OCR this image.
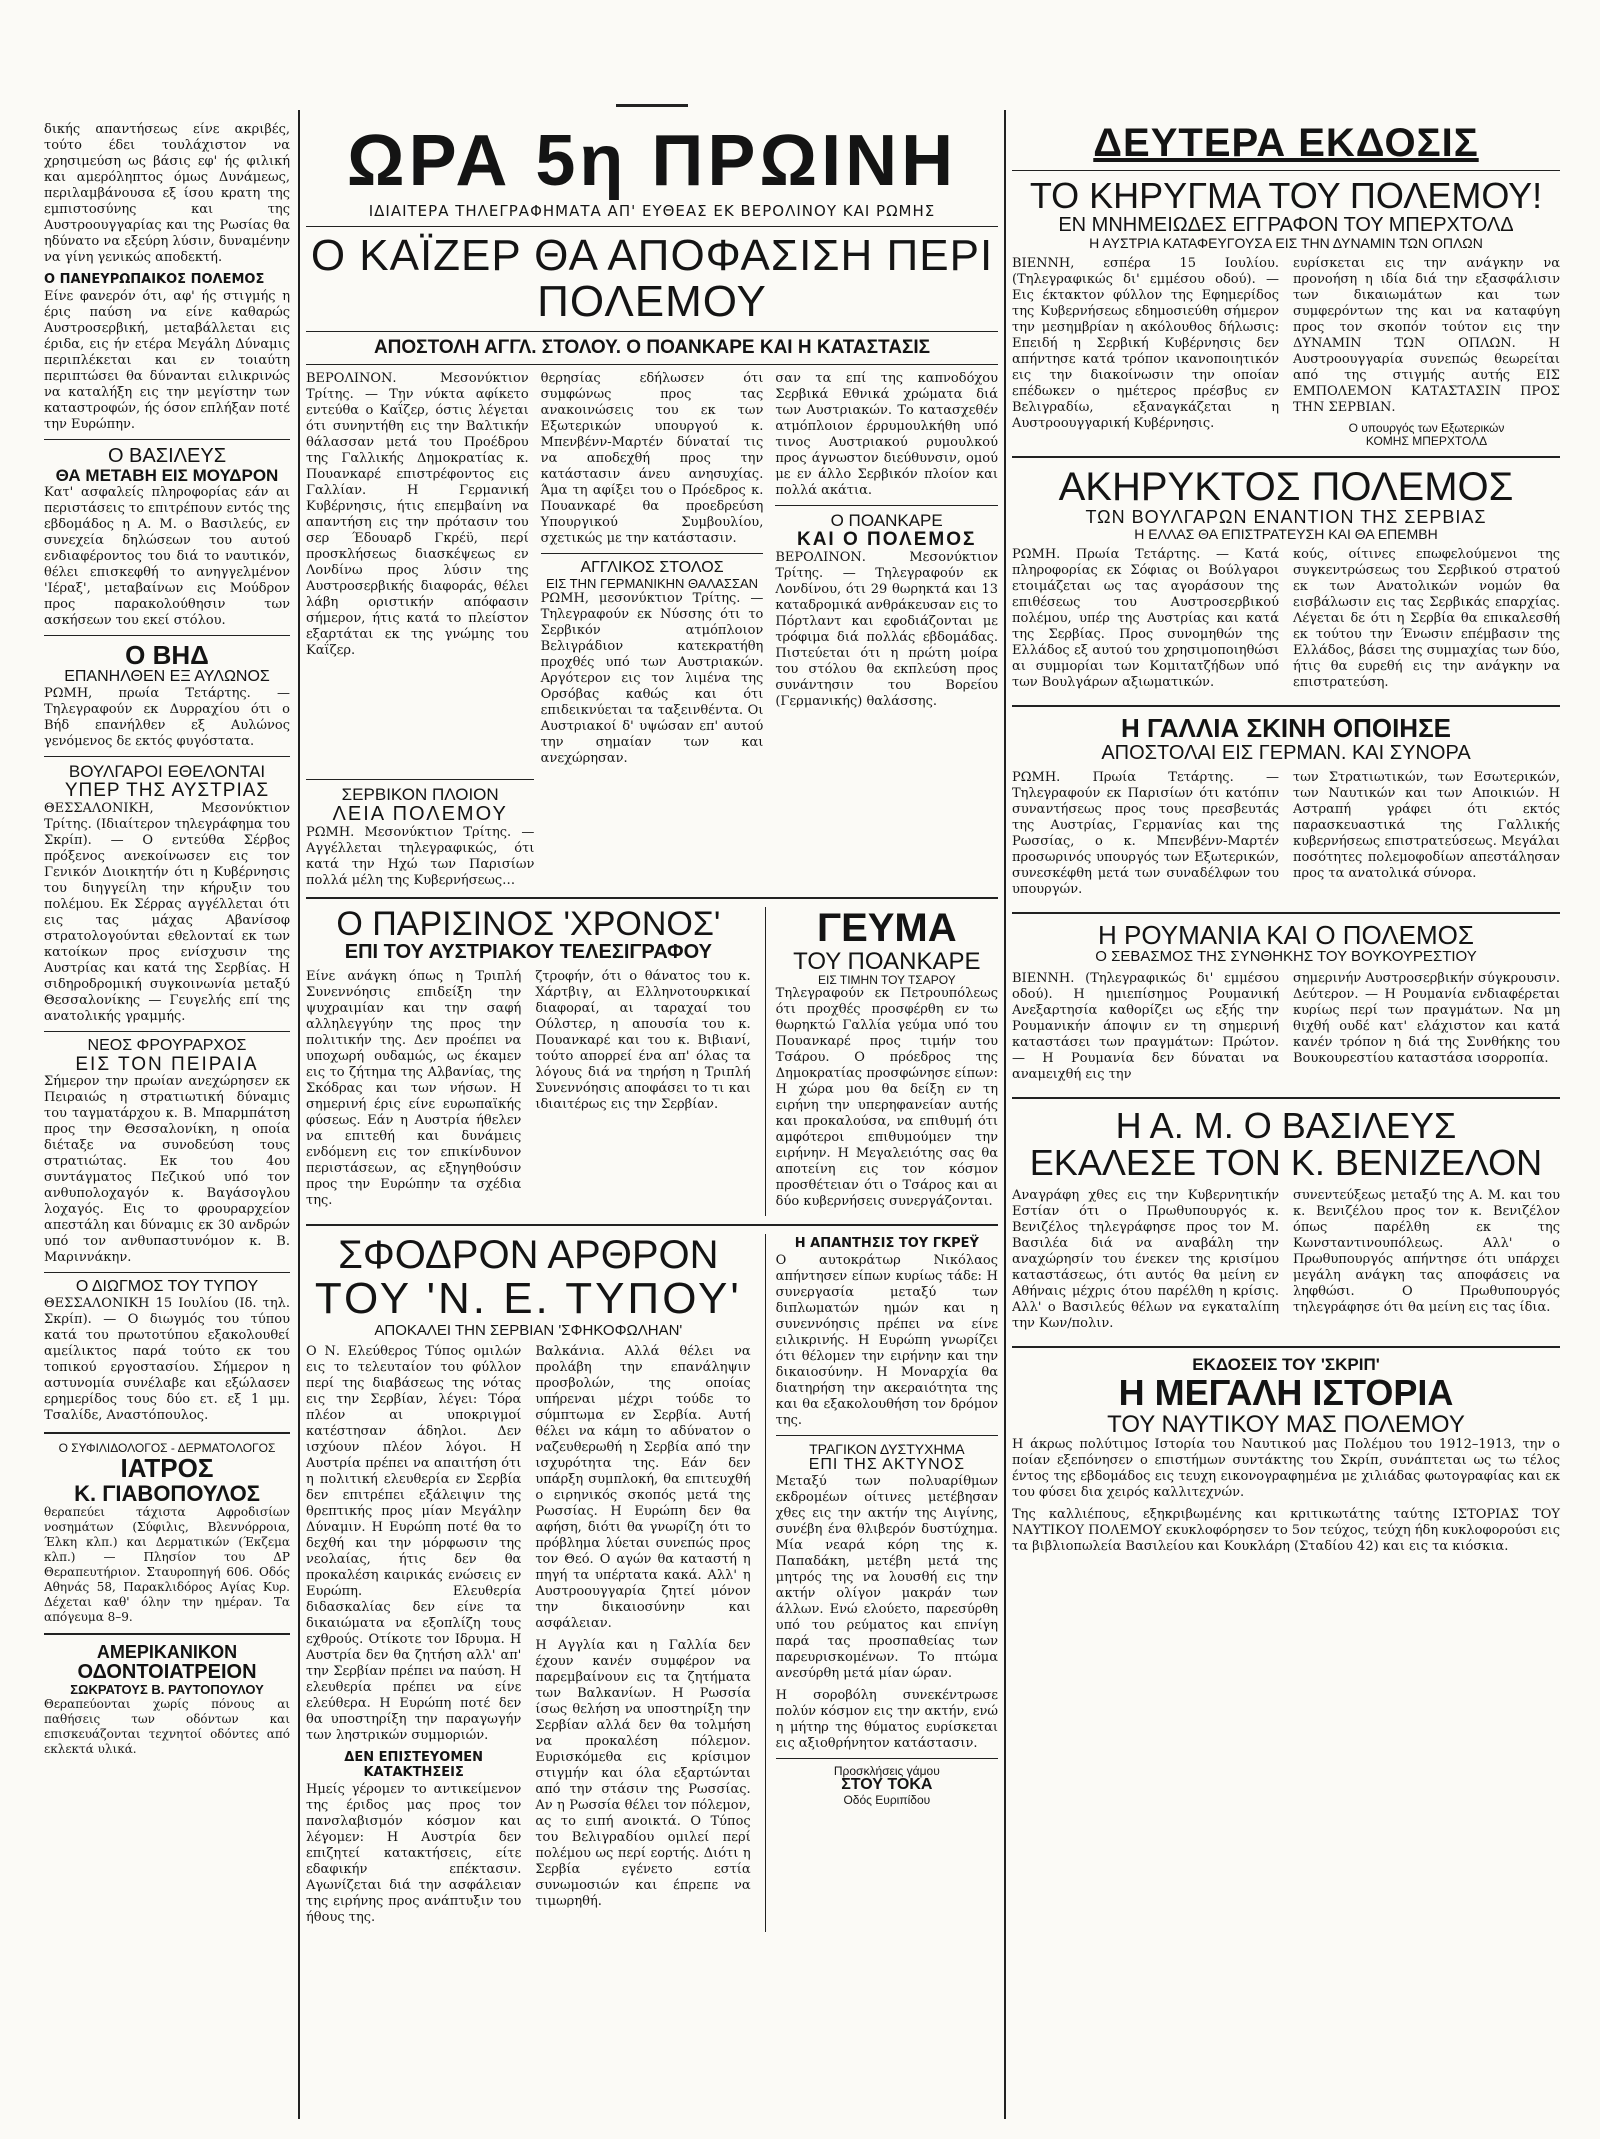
δικής απαντήσεως είνε ακριβές, τούτο έδει τουλάχιστον να χρησιμεύση ως βάσις εφ' ής φιλική και αμερόληπτος όμως Δυνάμεως, περιλαμβάνουσα εξ ίσου κρατη της εμπιστοσύνης και της Αυστροουγγαρίας και της Ρωσίας θα ηδύνατο να εξεύρη λύσιν, δυναμένην να γίνη γενικώς αποδεκτή.

Ο ΠΑΝΕΥΡΩΠΑΙΚΟΣ ΠΟΛΕΜΟΣ

Είνε φανερόν ότι, αφ' ής στιγμής η έρις παύση να είνε καθαρώς Αυστροσερβική, μεταβάλλεται εις έριδα, εις ήν ετέρα Μεγάλη Δύναμις περιπλέκεται και εν τοιαύτη περιπτώσει θα δύνανται ειλικρινώς να καταλήξη εις την μεγίστην των καταστροφών, ής όσον επλήξαν ποτέ την Ευρώπην.

Ο ΒΑΣΙΛΕΥΣ

ΘΑ ΜΕΤΑΒΗ ΕΙΣ ΜΟΥΔΡΟΝ

Κατ' ασφαλείς πληροφορίας εάν αι περιστάσεις το επιτρέπουν εντός της εβδομάδος η Α. Μ. ο Βασιλεύς, εν συνεχεία δηλώσεων του αυτού ενδιαφέροντος του διά το ναυτικόν, θέλει επισκεφθή το ανηγγελμένον 'Ιέραξ', μεταβαίνων εις Μούδρον προς παρακολούθησιν των ασκήσεων του εκεί στόλου.

Ο ΒΗΔ

ΕΠΑΝΗΛΘΕΝ ΕΞ ΑΥΛΩΝΟΣ

ΡΩΜΗ, πρωία Τετάρτης. — Τηλεγραφούν εκ Δυρραχίου ότι ο Βήδ επανήλθεν εξ Αυλώνος γενόμενος δε εκτός φυγόστατα.

ΒΟΥΛΓΑΡΟΙ ΕΘΕΛΟΝΤΑΙ

ΥΠΕΡ ΤΗΣ ΑΥΣΤΡΙΑΣ

ΘΕΣΣΑΛΟΝΙΚΗ, Μεσονύκτιον Τρίτης. (Ιδιαίτερον τηλεγράφημα του Σκρίπ). — Ο εντεύθα Σέρβος πρόξενος ανεκοίνωσεν εις τον Γενικόν Διοικητήν ότι η Κυβέρνησις του διηγγείλη την κήρυξιν του πολέμου. Εκ Σέρρας αγγέλλεται ότι εις τας μάχας Αβανίσοφ στρατολογούνται εθελονταί εκ των κατοίκων προς ενίσχυσιν της Αυστρίας και κατά της Σερβίας. Η σιδηροδρομική συγκοινωνία μεταξύ Θεσσαλονίκης — Γευγελής επί της ανατολικής γραμμής.

ΝΕΟΣ ΦΡΟΥΡΑΡΧΟΣ

ΕΙΣ ΤΟΝ ΠΕΙΡΑΙΑ

Σήμερον την πρωίαν ανεχώρησεν εκ Πειραιώς η στρατιωτική δύναμις του ταγματάρχου κ. Β. Μπαρμπάτση προς την Θεσσαλονίκη, η οποία διέταξε να συνοδεύση τους στρατιώτας. Εκ του 4ου συντάγματος Πεζικού υπό τον ανθυπολοχαγόν κ. Βαγάσογλου λοχαγός. Εις το φρουραρχείον απεστάλη και δύναμις εκ 30 ανδρών υπό τον ανθυπαστυνόμον κ. Β. Μαριννάκην.

Ο ΔΙΩΓΜΟΣ ΤΟΥ ΤΥΠΟΥ

ΘΕΣΣΑΛΟΝΙΚΗ 15 Ιουλίου (Ιδ. τηλ. Σκρίπ). — Ο διωγμός του τύπου κατά του πρωτοτύπου εξακολουθεί αμείλικτος παρά τούτο εκ του τοπικού εργοστασίου. Σήμερον η αστυνομία συνέλαβε και εξώλασεν ερημερίδος τους δύο ετ. εξ 1 μμ. Τσαλίδε, Αναστόπουλος.

Ο ΣΥΦΙΛΙΔΟΛΟΓΟΣ - ΔΕΡΜΑΤΟΛΟΓΟΣ

ΙΑΤΡΟΣ

Κ. ΓΙΑΒΟΠΟΥΛΟΣ

θεραπεύει τάχιστα Αφροδισίων νοσημάτων (Σύφιλις, Βλεννόρροια, Έλκη κλπ.) και Δερματικών (Έκζεμα κλπ.) — Πλησίον του ΔΡ Θεραπευτήριον. Σταυροπηγή 606. Οδός Αθηνάς 58, Παρακλιδόρος Αγίας Κυρ. Δέχεται καθ' όλην την ημέραν. Τα απόγευμα 8–9.

ΑΜΕΡΙΚΑΝΙΚΟΝ

ΟΔΟΝΤΟΙΑΤΡΕΙΟΝ

ΣΩΚΡΑΤΟΥΣ Β. ΡΑΥΤΟΠΟΥΛΟΥ

Θεραπεύονται χωρίς πόνους αι παθήσεις των οδόντων και επισκευάζονται τεχνητοί οδόντες από εκλεκτά υλικά.

ΩΡΑ 5η ΠΡΩΙΝΗ

ΙΔΙΑΙΤΕΡΑ ΤΗΛΕΓΡΑΦΗΜΑΤΑ ΑΠ' ΕΥΘΕΑΣ ΕΚ ΒΕΡΟΛΙΝΟΥ ΚΑΙ ΡΩΜΗΣ

Ο ΚΑΪΖΕΡ ΘΑ ΑΠΟΦΑΣΙΣΗ ΠΕΡΙ ΠΟΛΕΜΟΥ

ΑΠΟΣΤΟΛΗ ΑΓΓΛ. ΣΤΟΛΟΥ. Ο ΠΟΑΝΚΑΡΕ ΚΑΙ Η ΚΑΤΑΣΤΑΣΙΣ

ΒΕΡΟΛΙΝΟΝ. Μεσονύκτιον Τρίτης. — Την νύκτα αφίκετο εντεύθα ο Καΐζερ, όστις λέγεται ότι συνηντήθη εις την Βαλτικήν θάλασσαν μετά του Προέδρου της Γαλλικής Δημοκρατίας κ. Πουανκαρέ επιστρέφοντος εις Γαλλίαν. Η Γερμανική Κυβέρνησις, ήτις επεμβαίνη να απαντήση εις την πρότασιν του σερ Έδουαρδ Γκρέϋ, περί προσκλήσεως διασκέψεως εν Λονδίνω προς λύσιν της Αυστροσερβικής διαφοράς, θέλει λάβη οριστικήν απόφασιν σήμερον, ήτις κατά το πλείστον εξαρτάται εκ της γνώμης του Καΐζερ.

θερησίας εδήλωσεν ότι συμφώνως προς τας ανακοινώσεις του εκ των Εξωτερικών υπουργού κ. Μπενβένν-Μαρτέν δύναταί τις να αποδεχθή προς την κατάστασιν άνευ ανησυχίας. Άμα τη αφίξει του ο Πρόεδρος κ. Πουανκαρέ θα προεδρεύση Υπουργικού Συμβουλίου, σχετικώς με την κατάστασιν.

ΑΓΓΛΙΚΟΣ ΣΤΟΛΟΣ

ΕΙΣ ΤΗΝ ΓΕΡΜΑΝΙΚΗΝ ΘΑΛΑΣΣΑΝ

ΡΩΜΗ, μεσονύκτιον Τρίτης. — Τηλεγραφούν εκ Νύσσης ότι το Σερβικόν ατμόπλοιον Βελιγράδιον κατεκρατήθη προχθές υπό των Αυστριακών. Αργότερον εις τον λιμένα της Ορσόβας καθώς και ότι επιδεικνύεται τα ταξεινθέντα. Οι Αυστριακοί δ' υψώσαν επ' αυτού την σημαίαν των και ανεχώρησαν.

σαν τα επί της καπνοδόχου Σερβικά Εθνικά χρώματα διά των Αυστριακών. Το κατασχεθέν ατμόπλοιον έρρυμουλκήθη υπό τινος Αυστριακού ρυμουλκού προς άγνωστον διεύθυνσιν, ομού με εν άλλο Σερβικόν πλοίον και πολλά ακάτια.

Ο ΠΟΑΝΚΑΡΕ

ΚΑΙ Ο ΠΟΛΕΜΟΣ

ΒΕΡΟΛΙΝΟΝ. Μεσονύκτιον Τρίτης. — Τηλεγραφούν εκ Λονδίνου, ότι 29 θωρηκτά και 13 καταδρομικά ανθράκευσαν εις το Πόρτλαντ και εφοδιάζονται με τρόφιμα διά πολλάς εβδομάδας. Πιστεύεται ότι η πρώτη μοίρα του στόλου θα εκπλεύση προς συνάντησιν του Βορείου (Γερμανικής) θαλάσσης.

ΣΕΡΒΙΚΟΝ ΠΛΟΙΟΝ

ΛΕΙΑ ΠΟΛΕΜΟΥ

ΡΩΜΗ. Μεσονύκτιον Τρίτης. — Αγγέλλεται τηλεγραφικώς, ότι κατά την Ηχώ των Παρισίων πολλά μέλη της Κυβερνήσεως…

Ο ΠΑΡΙΣΙΝΟΣ 'ΧΡΟΝΟΣ'

ΕΠΙ ΤΟΥ ΑΥΣΤΡΙΑΚΟΥ ΤΕΛΕΣΙΓΡΑΦΟΥ

Είνε ανάγκη όπως η Τριπλή Συνεννόησις επιδείξη την ψυχραιμίαν και την σαφή αλληλεγγύην της προς την πολιτικήν της. Δεν προέπει να υποχωρή ουδαμώς, ως έκαμεν εις το ζήτημα της Αλβανίας, της Σκόδρας και των νήσων. Η σημερινή έρις είνε ευρωπαϊκής φύσεως. Εάν η Αυστρία ήθελεν να επιτεθή και δυνάμεις ενδόμενη εις τον επικίνδυνον περιστάσεων, ας εξηγηθούσιν προς την Ευρώπην τα σχέδια της.

ζτροφήν, ότι ο θάνατος του κ. Χάρτβιγ, αι Ελληνοτουρκικαί διαφοραί, αι ταραχαί του Ούλστερ, η απουσία του κ. Πουανκαρέ και του κ. Βιβιανί, τούτο απορρεί ένα απ' όλας τα λόγους διά να τηρήση η Τριπλή Συνεννόησις αποφάσει το τι και ιδιαιτέρως εις την Σερβίαν.

ΓΕΥΜΑ

ΤΟΥ ΠΟΑΝΚΑΡΕ

ΕΙΣ ΤΙΜΗΝ ΤΟΥ ΤΣΑΡΟΥ

Τηλεγραφούν εκ Πετρουπόλεως ότι προχθές προσφέρθη εν τω θωρηκτώ Γαλλία γεύμα υπό του Πουανκαρέ προς τιμήν του Τσάρου. Ο πρόεδρος της Δημοκρατίας προσφώνησε είπων: Η χώρα μου θα δείξη εν τη ειρήνη την υπερηφανείαν αυτής και προκαλούσα, να επιθυμή ότι αμφότεροι επιθυμούμεν την ειρήνην. Η Μεγαλειότης σας θα αποτείνη εις τον κόσμον προσθέτειαν ότι ο Τσάρος και αι δύο κυβερνήσεις συνεργάζονται.

ΣΦΟΔΡΟΝ ΑΡΘΡΟΝ

ΤΟΥ 'Ν. Ε. ΤΥΠΟΥ'

ΑΠΟΚΑΛΕΙ ΤΗΝ ΣΕΡΒΙΑΝ 'ΣΦΗΚΟΦΩΛΗΑΝ'

Ο Ν. Ελεύθερος Τύπος ομιλών εις το τελευταίον του φύλλον περί της διαβάσεως της νότας εις την Σερβίαν, λέγει: Τόρα πλέον αι υποκριγμοί κατέστησαν άδηλοι. Δεν ισχύουν πλέον λόγοι. Η Αυστρία πρέπει να απαιτήση ότι η πολιτική ελευθερία εν Σερβία δεν επιτρέπει εξάλειψιν της θρεπτικής προς μίαν Μεγάλην Δύναμιν. Η Ευρώπη ποτέ θα το δεχθή και την μόρφωσιν της νεολαίας, ήτις δεν θα προκαλέση καιρικάς ενώσεις εν Ευρώπη. Ελευθερία διδασκαλίας δεν είνε τα δικαιώματα να εξοπλίζη τους εχθρούς. Οτίκοτε τον Ιδρυμα. Η Αυστρία δεν θα ζητήση αλλ' απ' την Σερβίαν πρέπει να παύση. Η ελευθερία πρέπει να είνε ελεύθερα. Η Ευρώπη ποτέ δεν θα υποστηρίξη την παραγωγήν των ληστρικών συμμοριών.

ΔΕΝ ΕΠΙΣΤΕΥΟΜΕΝ ΚΑΤΑΚΤΗΣΕΙΣ

Ημείς γέρομεν το αντικείμενον της έριδος μας προς τον πανσλαβισμόν κόσμον και λέγομεν: Η Αυστρία δεν επιζητεί κατακτήσεις, είτε εδαφικήν επέκτασιν. Αγωνίζεται διά την ασφάλειαν της ειρήνης προς ανάπτυξιν του ήθους της.

Βαλκάνια. Αλλά θέλει να προλάβη την επανάληψιν προσβολών, της οποίας υπήρεναι μέχρι τούδε το σύμπτωμα εν Σερβία. Αυτή θέλει να κάμη το αδύνατον ο ναζευθερωθή η Σερβία από την ισχυρότητα της. Εάν δεν υπάρξη συμπλοκή, θα επιτευχθή ο ειρηνικός σκοπός μετά της Ρωσσίας. Η Ευρώπη δεν θα αφήση, διότι θα γνωρίζη ότι το πρόβλημα λύεται συνεπώς προς τον Θεό. Ο αγών θα καταστή η πηγή τα υπέρτατα κακά. Αλλ' η Αυστροουγγαρία ζητεί μόνον την δικαιοσύνην και ασφάλειαν.

Η Αγγλία και η Γαλλία δεν έχουν κανέν συμφέρον να παρεμβαίνουν εις τα ζητήματα των Βαλκανίων. Η Ρωσσία ίσως θελήση να υποστηρίξη την Σερβίαν αλλά δεν θα τολμήση να προκαλέση πόλεμον. Ευρισκόμεθα εις κρίσιμον στιγμήν και όλα εξαρτώνται από την στάσιν της Ρωσσίας. Αν η Ρωσσία θέλει τον πόλεμον, ας το ειπή ανοικτά. Ο Τύπος του Βελιγραδίου ομιλεί περί πολέμου ως περί εορτής. Διότι η Σερβία εγένετο εστία συνωμοσιών και έπρεπε να τιμωρηθή.

Η ΑΠΑΝΤΗΣΙΣ ΤΟΥ ΓΚΡΕΫ

Ο αυτοκράτωρ Νικόλαος απήντησεν είπων κυρίως τάδε: Η συνεργασία μεταξύ των διπλωματών ημών και η συνεννόησις πρέπει να είνε ειλικρινής. Η Ευρώπη γνωρίζει ότι θέλομεν την ειρήνην και την δικαιοσύνην. Η Μοναρχία θα διατηρήση την ακεραιότητα της και θα εξακολουθήση τον δρόμον της.

ΤΡΑΓΙΚΟΝ ΔΥΣΤΥΧΗΜΑ

ΕΠΙ ΤΗΣ ΑΚΤΥΝΟΣ

Μεταξύ των πολυαρίθμων εκδρομέων οίτινες μετέβησαν χθες εις την ακτήν της Αιγίνης, συνέβη ένα θλιβερόν δυστύχημα. Μία νεαρά κόρη της κ. Παπαδάκη, μετέβη μετά της μητρός της να λουσθή εις την ακτήν ολίγον μακράν των άλλων. Ενώ ελούετο, παρεσύρθη υπό του ρεύματος και επνίγη παρά τας προσπαθείας των παρευρισκομένων. Το πτώμα ανεσύρθη μετά μίαν ώραν.

Η σοροβόλη συνεκέντρωσε πολύν κόσμον εις την ακτήν, ενώ η μήτηρ της θύματος ευρίσκεται εις αξιοθρήνητον κατάστασιν.

Προσκλήσεις γάμου

ΣΤΟΥ ΤΟΚΑ

Οδός Ευριπίδου

ΔΕΥΤΕΡΑ ΕΚΔΟΣΙΣ

ΤΟ ΚΗΡΥΓΜΑ ΤΟΥ ΠΟΛΕΜΟΥ!

ΕΝ ΜΝΗΜΕΙΩΔΕΣ ΕΓΓΡΑΦΟΝ ΤΟΥ ΜΠΕΡΧΤΟΛΔ

Η ΑΥΣΤΡΙΑ ΚΑΤΑΦΕΥΓΟΥΣΑ ΕΙΣ ΤΗΝ ΔΥΝΑΜΙΝ ΤΩΝ ΟΠΛΩΝ

ΒΙΕΝΝΗ, εσπέρα 15 Ιουλίου. (Τηλεγραφικώς δι' εμμέσου οδού). — Εις έκτακτον φύλλον της Εφημερίδος της Κυβερνήσεως εδημοσιεύθη σήμερον την μεσημβρίαν η ακόλουθος δήλωσις: Επειδή η Σερβική Κυβέρνησις δεν απήντησε κατά τρόπον ικανοποιητικόν εις την διακοίνωσιν την οποίαν επέδωκεν ο ημέτερος πρέσβυς εν Βελιγραδίω, εξαναγκάζεται η Αυστροουγγαρική Κυβέρνησις.

ευρίσκεται εις την ανάγκην να προνοήση η ιδία διά την εξασφάλισιν των δικαιωμάτων και των συμφερόντων της και να καταφύγη προς τον σκοπόν τούτον εις την ΔΥΝΑΜΙΝ ΤΩΝ ΟΠΛΩΝ. Η Αυστροουγγαρία συνεπώς θεωρείται από της στιγμής αυτής ΕΙΣ ΕΜΠΟΛΕΜΟΝ ΚΑΤΑΣΤΑΣΙΝ ΠΡΟΣ ΤΗΝ ΣΕΡΒΙΑΝ.

Ο υπουργός των Εξωτερικών

ΚΟΜΗΣ ΜΠΕΡΧΤΟΛΔ

ΑΚΗΡΥΚΤΟΣ ΠΟΛΕΜΟΣ

ΤΩΝ ΒΟΥΛΓΑΡΩΝ ΕΝΑΝΤΙΟΝ ΤΗΣ ΣΕΡΒΙΑΣ

Η ΕΛΛΑΣ ΘΑ ΕΠΙΣΤΡΑΤΕΥΣΗ ΚΑΙ ΘΑ ΕΠΕΜΒΗ

ΡΩΜΗ. Πρωία Τετάρτης. — Κατά πληροφορίας εκ Σόφιας οι Βούλγαροι ετοιμάζεται ως τας αγοράσουν της επιθέσεως του Αυστροσερβικού πολέμου, υπέρ της Αυστρίας και κατά της Σερβίας. Προς συνομηθών της Ελλάδος εξ αυτού του χρησιμοποιηθώσι αι συμμορίαι των Κομιτατζήδων υπό των Βουλγάρων αξιωματικών.

κούς, οίτινες επωφελούμενοι της συγκεντρώσεως του Σερβικού στρατού εκ των Ανατολικών νομών θα εισβάλωσιν εις τας Σερβικάς επαρχίας. Λέγεται δε ότι η Σερβία θα επικαλεσθή εκ τούτου την Ένωσιν επέμβασιν της Ελλάδος, βάσει της συμμαχίας των δύο, ήτις θα ευρεθή εις την ανάγκην να επιστρατεύση.

Η ΓΑΛΛΙΑ ΣΚΙΝΗ ΟΠΟΙΗΣΕ

ΑΠΟΣΤΟΛΑΙ ΕΙΣ ΓΕΡΜΑΝ. ΚΑΙ ΣΥΝΟΡΑ

ΡΩΜΗ. Πρωία Τετάρτης. — Τηλεγραφούν εκ Παρισίων ότι κατόπιν συναντήσεως προς τους πρεσβευτάς της Αυστρίας, Γερμανίας και της Ρωσσίας, ο κ. Μπενβένν-Μαρτέν προσωρινός υπουργός των Εξωτερικών, συνεσκέφθη μετά των συναδέλφων του υπουργών.

των Στρατιωτικών, των Εσωτερικών, των Ναυτικών και των Αποικιών. Η Αστραπή γράφει ότι εκτός παρασκευαστικά της Γαλλικής κυβερνήσεως επιστρατεύσεως. Μεγάλαι ποσότητες πολεμοφοδίων απεστάλησαν προς τα ανατολικά σύνορα.

Η ΡΟΥΜΑΝΙΑ ΚΑΙ Ο ΠΟΛΕΜΟΣ

Ο ΣΕΒΑΣΜΟΣ ΤΗΣ ΣΥΝΘΗΚΗΣ ΤΟΥ ΒΟΥΚΟΥΡΕΣΤΙΟΥ

ΒΙΕΝΝΗ. (Τηλεγραφικώς δι' εμμέσου οδού). Η ημιεπίσημος Ρουμανική Ανεξαρτησία καθορίζει ως εξής την Ρουμανικήν άποψιν εν τη σημερινή καταστάσει των πραγμάτων: Πρώτον. — Η Ρουμανία δεν δύναται να αναμειχθή εις την

σημερινήν Αυστροσερβικήν σύγκρουσιν. Δεύτερον. — Η Ρουμανία ενδιαφέρεται κυρίως περί των πραγμάτων. Να μη θιχθή ουδέ κατ' ελάχιστον και κατά κανέν τρόπον η διά της Συνθήκης του Βουκουρεστίου καταστάσα ισορροπία.

Η Α. Μ. Ο ΒΑΣΙΛΕΥΣ

ΕΚΑΛΕΣΕ ΤΟΝ Κ. ΒΕΝΙΖΕΛΟΝ

Αναγράφη χθες εις την Κυβερνητικήν Εστίαν ότι ο Πρωθυπουργός κ. Βενιζέλος τηλεγράφησε προς τον Μ. Βασιλέα διά να αναβάλη την αναχώρησίν του ένεκεν της κρισίμου καταστάσεως, ότι αυτός θα μείνη εν Αθήναις μέχρις ότου παρέλθη η κρίσις. Αλλ' ο Βασιλεύς θέλων να εγκαταλίπη την Κων/πολιν.

συνεντεύξεως μεταξύ της Α. Μ. και του κ. Βενιζέλου προς τον κ. Βενιζέλον όπως παρέλθη εκ της Κωνσταντινουπόλεως. Αλλ' ο Πρωθυπουργός απήντησε ότι υπάρχει μεγάλη ανάγκη τας αποφάσεις να ληφθώσι. Ο Πρωθυπουργός τηλεγράφησε ότι θα μείνη εις τας ίδια.

ΕΚΔΟΣΕΙΣ ΤΟΥ 'ΣΚΡΙΠ'

Η ΜΕΓΑΛΗ ΙΣΤΟΡΙΑ

ΤΟΥ ΝΑΥΤΙΚΟΥ ΜΑΣ ΠΟΛΕΜΟΥ

Η άκρως πολύτιμος Ιστορία του Ναυτικού μας Πολέμου του 1912–1913, την ο ποίαν εξεπόνησεν ο επιστήμων συντάκτης του Σκρίπ, συνάπτεται ως τω τέλος έντος της εβδομάδος εις τευχη εικονογραφημένα με χιλιάδας φωτογραφίας και εκ του φύσει δια χειρός καλλιτεχνών.

Της καλλιέπους, εξηκριβωμένης και κριτικωτάτης ταύτης ΙΣΤΟΡΙΑΣ ΤΟΥ ΝΑΥΤΙΚΟΥ ΠΟΛΕΜΟΥ εκυκλοφόρησεν το 5ον τεύχος, τεύχη ήδη κυκλοφορούσι εις τα βιβλιοπωλεία Βασιλείου και Κουκλάρη (Σταδίου 42) και εις τα κιόσκια.
